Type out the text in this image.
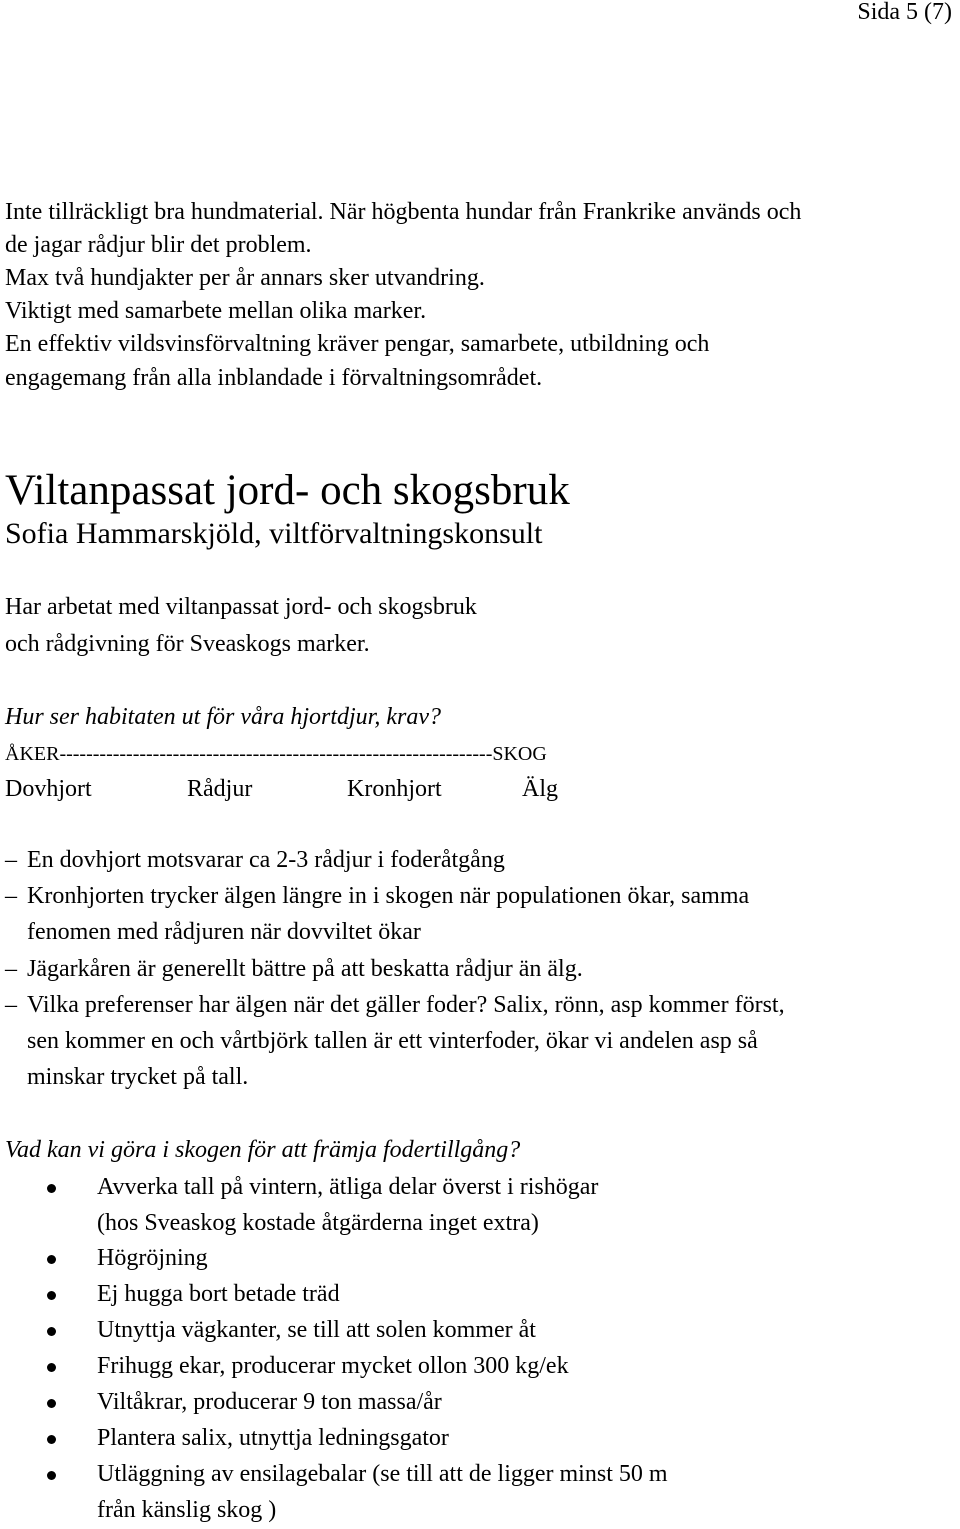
Sida 5 (7)
Inte tillräckligt bra hundmaterial. När högbenta hundar från Frankrike används och
de jagar rådjur blir det problem.
Max två hundjakter per år annars sker utvandring.
Viktigt med samarbete mellan olika marker.
En effektiv vildsvinsförvaltning kräver pengar, samarbete, utbildning och
engagemang från alla inblandade i förvaltningsområdet.
Viltanpassat jord- och skogsbruk
Sofia Hammarskjöld, viltförvaltningskonsult
Har arbetat med viltanpassat jord- och skogsbruk
och rådgivning för Sveaskogs marker.
Hur ser habitaten ut för våra hjortdjur, krav?
ÅKER-----------------------------------------------------------------SKOG
Dovhjort	Rådjur	Kronhjort	Älg
– En dovhjort motsvarar ca 2-3 rådjur i foderåtgång
– Kronhjorten trycker älgen längre in i skogen när populationen ökar, samma
fenomen med rådjuren när dovviltet ökar
– Jägarkåren är generellt bättre på att beskatta rådjur än älg.
– Vilka preferenser har älgen när det gäller foder? Salix, rönn, asp kommer först,
sen kommer en och vårtbjörk tallen är ett vinterfoder, ökar vi andelen asp så
minskar trycket på tall.
Vad kan vi göra i skogen för att främja fodertillgång?
Avverka tall på vintern, ätliga delar överst i rishögar
(hos Sveaskog kostade åtgärderna inget extra)
Högröjning
Ej hugga bort betade träd
Utnyttja vägkanter, se till att solen kommer åt
Frihugg ekar, producerar mycket ollon 300 kg/ek
Viltåkrar, producerar 9 ton massa/år
Plantera salix, utnyttja ledningsgator
Utläggning av ensilagebalar (se till att de ligger minst 50 m
från känslig skog )
